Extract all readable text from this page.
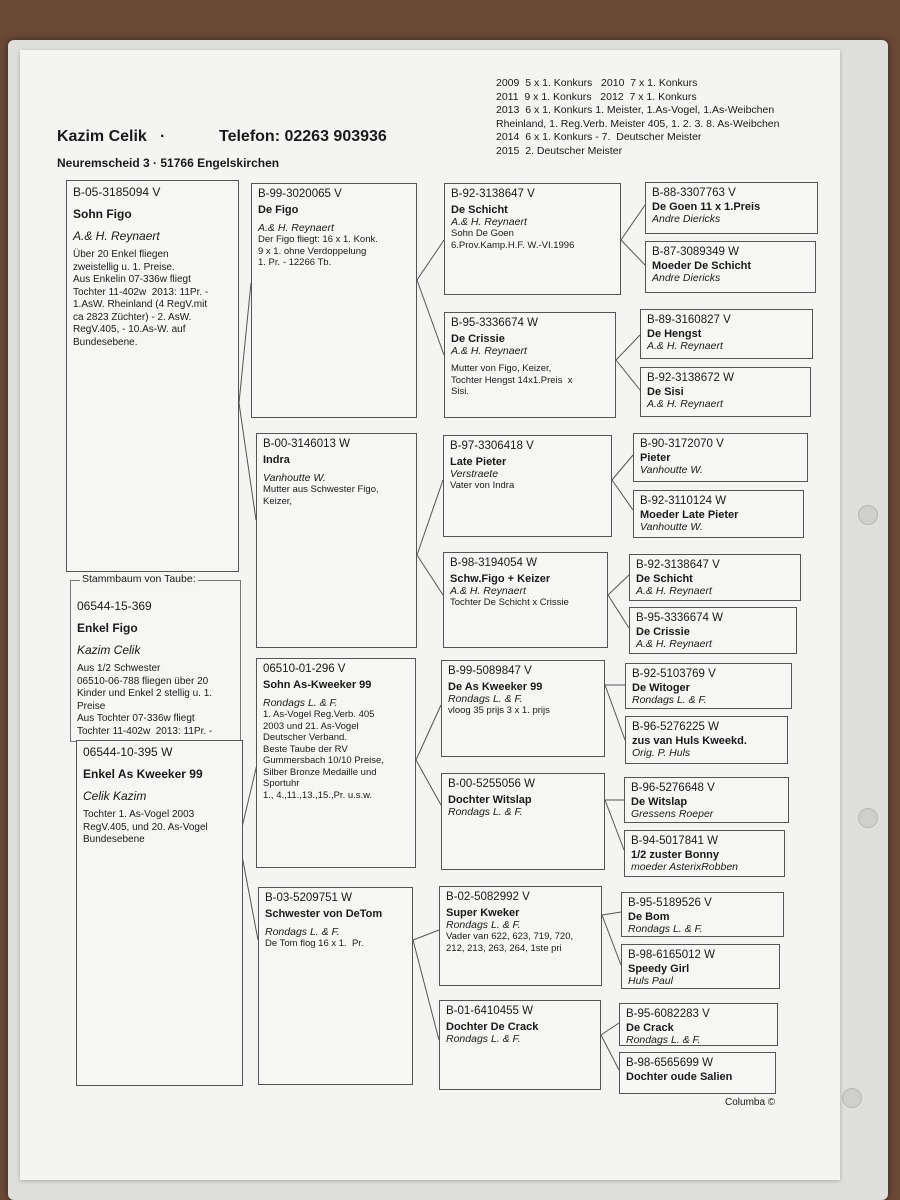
Kazim Celik ·	Telefon: 02263 903936
Neuremscheid 3 · 51766 Engelskirchen
2009  5 x 1. Konkurs   2010  7 x 1. Konkurs
2011  9 x 1. Konkurs   2012  7 x 1. Konkurs
2013  6 x 1. Konkurs 1. Meister, 1.As-Vogel, 1.As-Weibchen
Rheinland, 1. Reg.Verb. Meister 405, 1. 2. 3. 8. As-Weibchen
2014  6 x 1. Konkurs - 7.  Deutscher Meister
2015  2. Deutscher Meister
B-05-3185094 V
Sohn Figo
A.& H. Reynaert
Über 20 Enkel fliegen
zweistellig u. 1. Preise.
Aus Enkelin 07-336w fliegt
Tochter 11-402w  2013: 11Pr. -
1.AsW. Rheinland (4 RegV.mit
ca 2823 Züchter) - 2. AsW.
RegV.405, - 10.As-W. auf
Bundesebene.
06544-15-369
Enkel Figo
Kazim Celik
Aus 1/2 Schwester
06510-06-788 fliegen über 20
Kinder und Enkel 2 stellig u. 1.
Preise
Aus Tochter 07-336w fliegt
Tochter 11-402w  2013: 11Pr. -
Stammbaum von Taube:
06544-10-395 W
Enkel As Kweeker 99
Celik Kazim
Tochter 1. As-Vogel 2003
RegV.405, und 20. As-Vogel
Bundesebene
B-99-3020065 V
De Figo
A.& H. Reynaert
Der Figo fliegt: 16 x 1. Konk.
9 x 1. ohne Verdoppelung
1. Pr. - 12266 Tb.
B-00-3146013 W
Indra
Vanhoutte W.
Mutter aus Schwester Figo,
Keizer,
06510-01-296 V
Sohn As-Kweeker 99
Rondags L. & F.
1. As-Vogel Reg.Verb. 405
2003 und 21. As-Vogel
Deutscher Verband.
Beste Taube der RV
Gummersbach 10/10 Preise,
Silber Bronze Medaille und
Sportuhr
1., 4.,11.,13.,15.,Pr. u.s.w.
B-03-5209751 W
Schwester von DeTom
Rondags L. & F.
De Tom flog 16 x 1.  Pr.
B-92-3138647 V
De Schicht
A.& H. Reynaert
Sohn De Goen
6.Prov.Kamp.H.F. W.-VI.1996
B-95-3336674 W
De Crissie
A.& H. Reynaert
Mutter von Figo, Keizer,
Tochter Hengst 14x1.Preis  x
Sisi.
B-97-3306418 V
Late Pieter
Verstraete
Vater von Indra
B-98-3194054 W
Schw.Figo + Keizer
A.& H. Reynaert
Tochter De Schicht x Crissie
B-99-5089847 V
De As Kweeker 99
Rondags L. & F.
vloog 35 prijs 3 x 1. prijs
B-00-5255056 W
Dochter Witslap
Rondags L. & F.
B-02-5082992 V
Super Kweker
Rondags L. & F.
Vader van 622, 623, 719, 720,
212, 213, 263, 264, 1ste pri
B-01-6410455 W
Dochter De Crack
Rondags L. & F.
B-88-3307763 V
De Goen 11 x 1.Preis
Andre Diericks
B-87-3089349 W
Moeder De Schicht
Andre Diericks
B-89-3160827 V
De Hengst
A.& H. Reynaert
B-92-3138672 W
De Sisi
A.& H. Reynaert
B-90-3172070 V
Pieter
Vanhoutte W.
B-92-3110124 W
Moeder Late Pieter
Vanhoutte W.
B-92-3138647 V
De Schicht
A.& H. Reynaert
B-95-3336674 W
De Crissie
A.& H. Reynaert
B-92-5103769 V
De Witoger
Rondags L. & F.
B-96-5276225 W
zus van Huls Kweekd.
Orig. P. Huls
B-96-5276648 V
De Witslap
Gressens Roeper
B-94-5017841 W
1/2 zuster Bonny
moeder AsterixRobben
B-95-5189526 V
De Bom
Rondags L. & F.
B-98-6165012 W
Speedy Girl
Huls Paul
B-95-6082283 V
De Crack
Rondags L. & F.
B-98-6565699 W
Dochter oude Salien
Columba ©
